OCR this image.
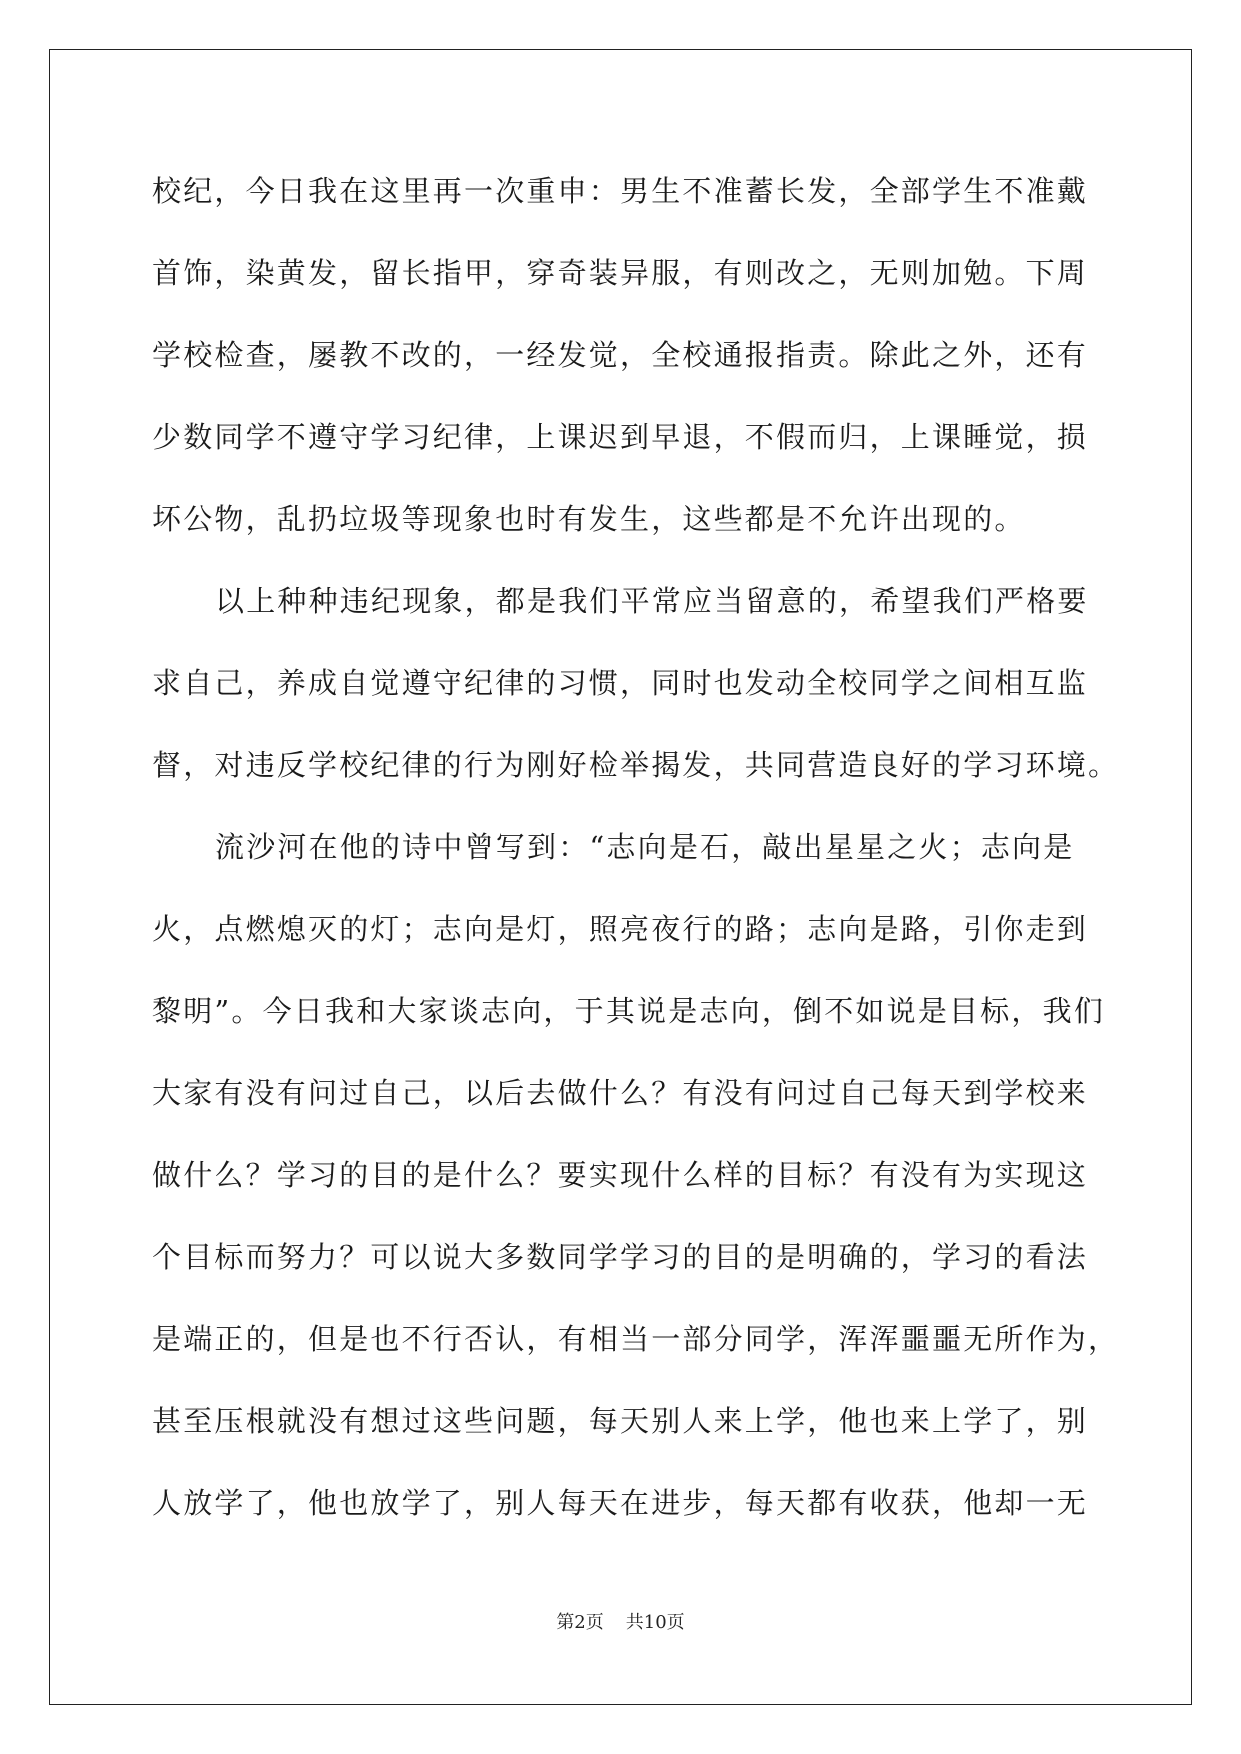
校纪，今日我在这里再一次重申：男生不准蓄长发，全部学生不准戴
首饰，染黄发，留长指甲，穿奇装异服，有则改之，无则加勉。下周
学校检查，屡教不改的，一经发觉，全校通报指责。除此之外，还有
少数同学不遵守学习纪律，上课迟到早退，不假而归，上课睡觉，损
坏公物，乱扔垃圾等现象也时有发生，这些都是不允许出现的。
以上种种违纪现象，都是我们平常应当留意的，希望我们严格要
求自己，养成自觉遵守纪律的习惯，同时也发动全校同学之间相互监
督，对违反学校纪律的行为刚好检举揭发，共同营造良好的学习环境。
流沙河在他的诗中曾写到：“志向是石，敲出星星之火；志向是
火，点燃熄灭的灯；志向是灯，照亮夜行的路；志向是路，引你走到
黎明”。今日我和大家谈志向，于其说是志向，倒不如说是目标，我们
大家有没有问过自己，以后去做什么？有没有问过自己每天到学校来
做什么？学习的目的是什么？要实现什么样的目标？有没有为实现这
个目标而努力？可以说大多数同学学习的目的是明确的，学习的看法
是端正的，但是也不行否认，有相当一部分同学，浑浑噩噩无所作为，
甚至压根就没有想过这些问题，每天别人来上学，他也来上学了，别
人放学了，他也放学了，别人每天在进步，每天都有收获，他却一无
第2页 共10页
